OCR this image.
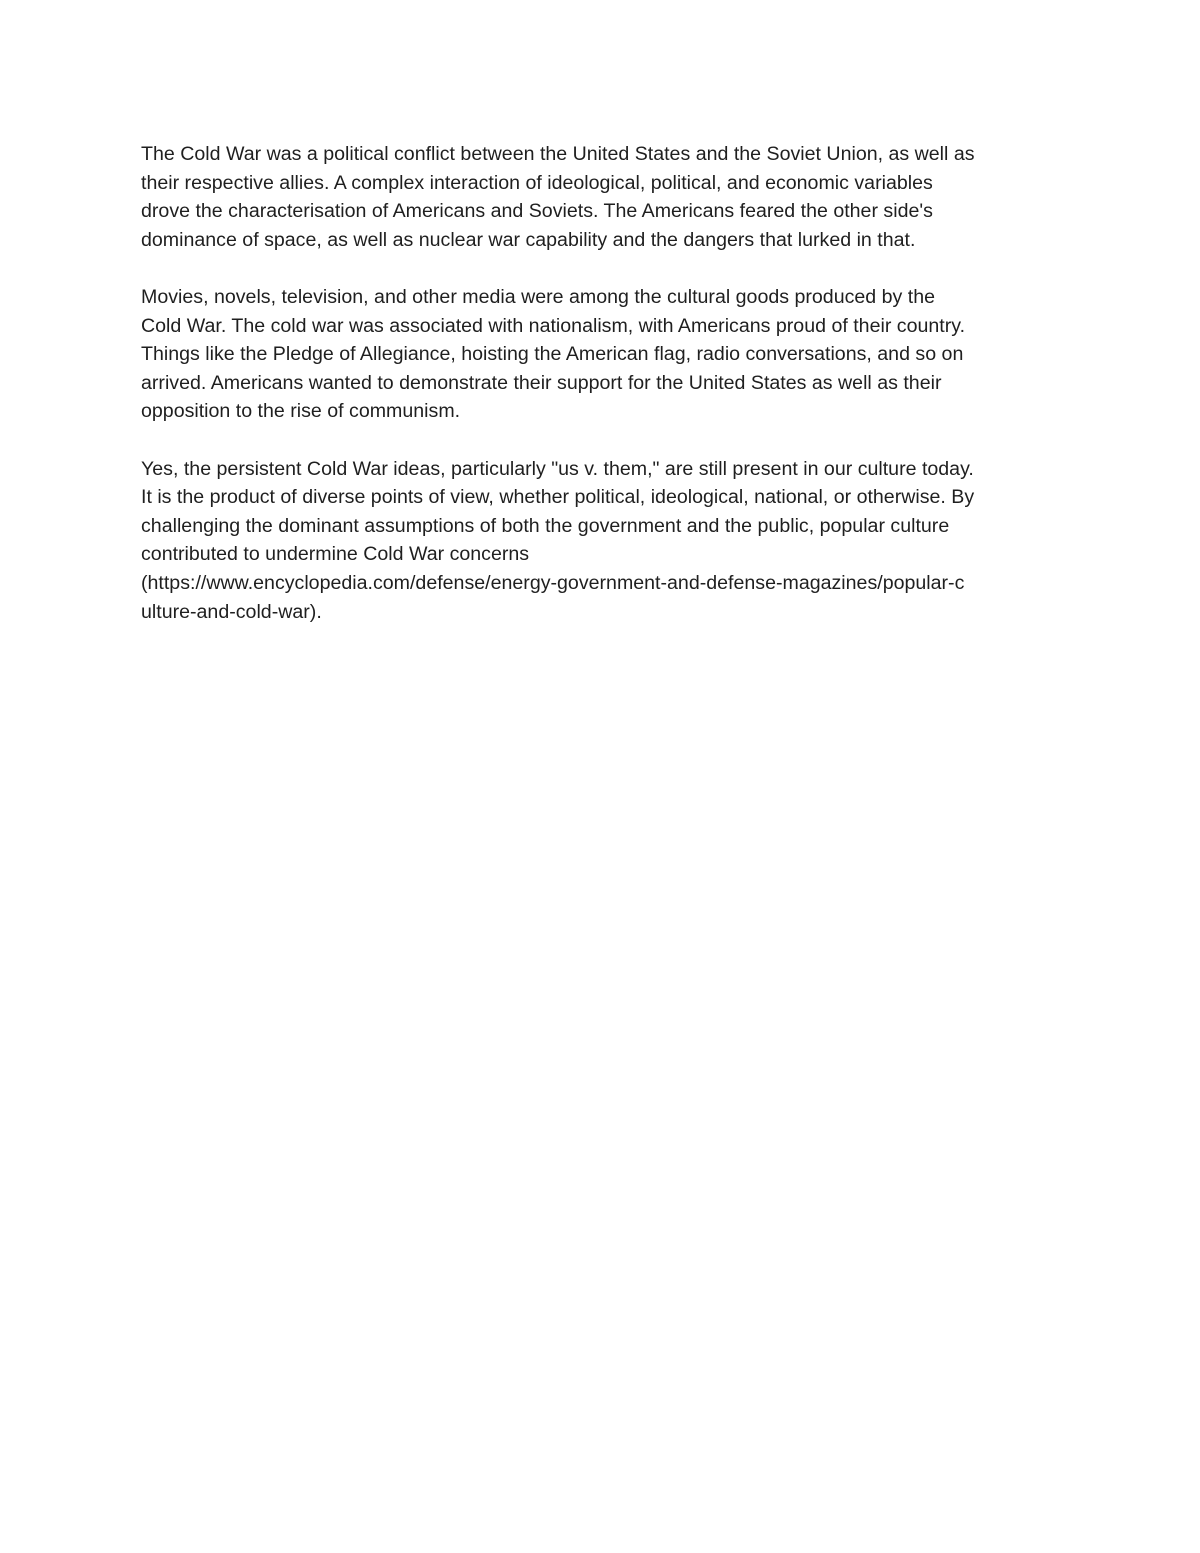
The Cold War was a political conflict between the United States and the Soviet Union, as well as
their respective allies. A complex interaction of ideological, political, and economic variables
drove the characterisation of Americans and Soviets. The Americans feared the other side's
dominance of space, as well as nuclear war capability and the dangers that lurked in that.

Movies, novels, television, and other media were among the cultural goods produced by the
Cold War. The cold war was associated with nationalism, with Americans proud of their country.
Things like the Pledge of Allegiance, hoisting the American flag, radio conversations, and so on
arrived. Americans wanted to demonstrate their support for the United States as well as their
opposition to the rise of communism.

Yes, the persistent Cold War ideas, particularly "us v. them," are still present in our culture today.
It is the product of diverse points of view, whether political, ideological, national, or otherwise. By
challenging the dominant assumptions of both the government and the public, popular culture
contributed to undermine Cold War concerns
(https://www.encyclopedia.com/defense/energy-government-and-defense-magazines/popular-c
ulture-and-cold-war).
